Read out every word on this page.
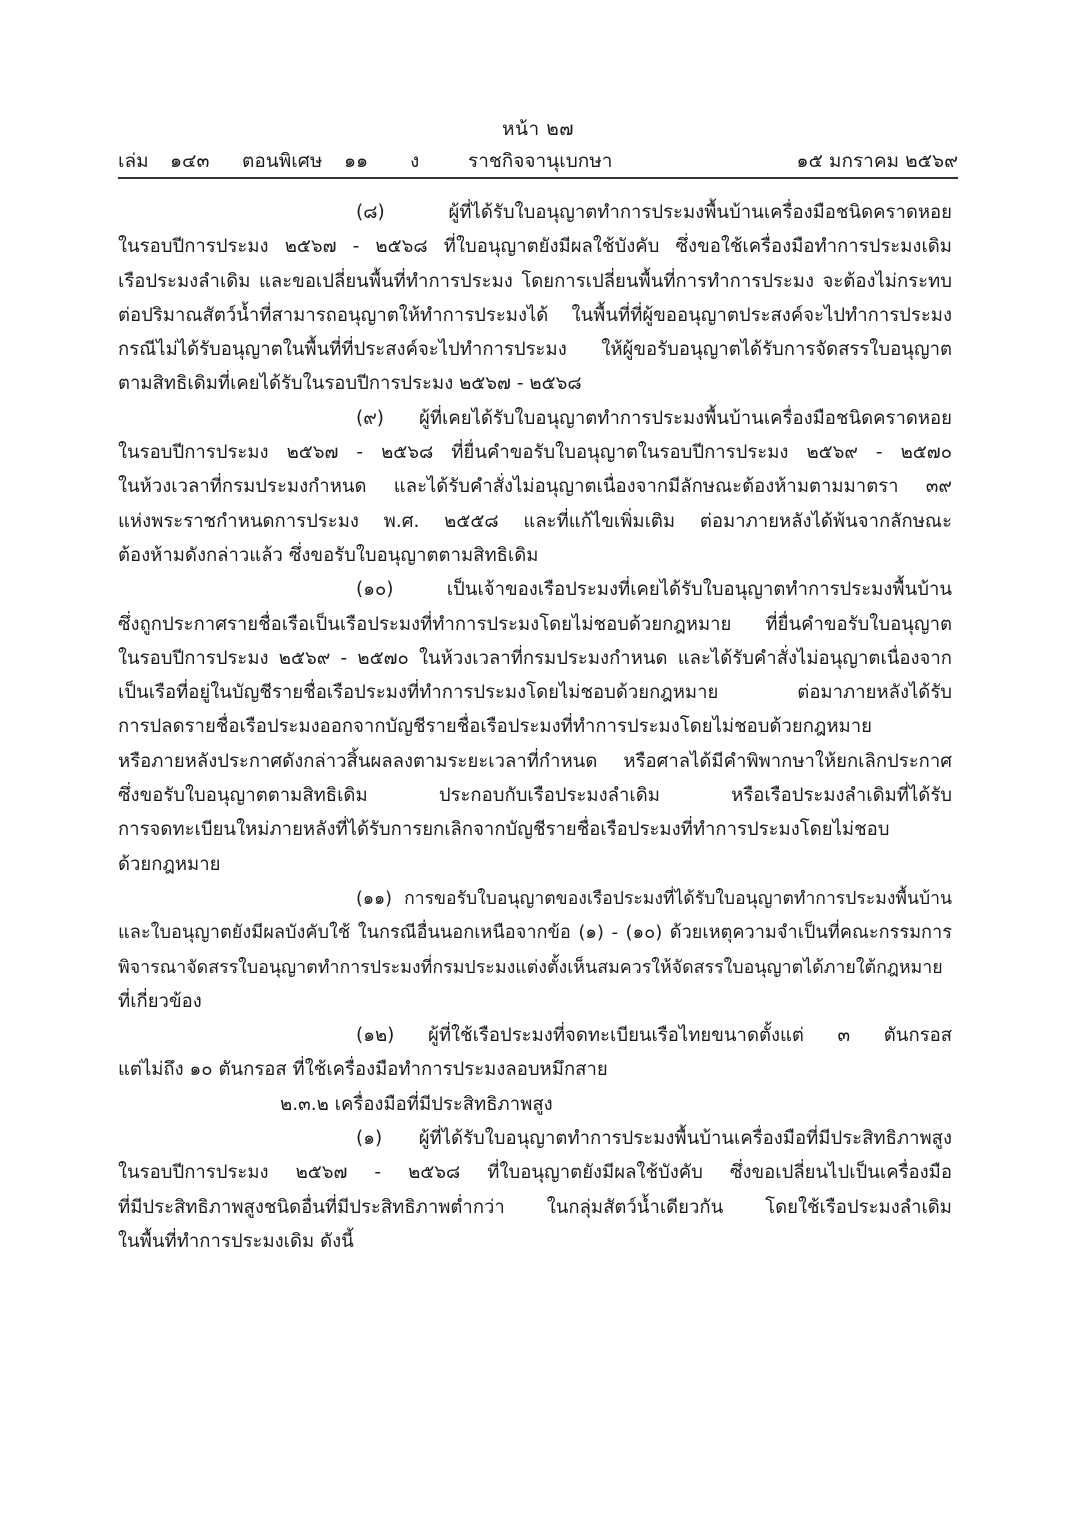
หน้า ๒๗
เล่ม ๑๔๓ ตอนพิเศษ ๑๑ ง	ราชกิจจานุเบกษา	๑๕ มกราคม ๒๕๖๙
(๘) ผู้ที่ได้รับใบอนุญาตทำการประมงพื้นบ้านเครื่องมือชนิดคราดหอย
ในรอบปีการประมง ๒๕๖๗ - ๒๕๖๘ ที่ใบอนุญาตยังมีผลใช้บังคับ ซึ่งขอใช้เครื่องมือทำการประมงเดิม
เรือประมงลำเดิม และขอเปลี่ยนพื้นที่ทำการประมง โดยการเปลี่ยนพื้นที่การทำการประมง จะต้องไม่กระทบ
ต่อปริมาณสัตว์น้ำที่สามารถอนุญาตให้ทำการประมงได้ ในพื้นที่ที่ผู้ขออนุญาตประสงค์จะไปทำการประมง
กรณีไม่ได้รับอนุญาตในพื้นที่ที่ประสงค์จะไปทำการประมง ให้ผู้ขอรับอนุญาตได้รับการจัดสรรใบอนุญาต
ตามสิทธิเดิมที่เคยได้รับในรอบปีการประมง ๒๕๖๗ - ๒๕๖๘
(๙) ผู้ที่เคยได้รับใบอนุญาตทำการประมงพื้นบ้านเครื่องมือชนิดคราดหอย
ในรอบปีการประมง ๒๕๖๗ - ๒๕๖๘ ที่ยื่นคำขอรับใบอนุญาตในรอบปีการประมง ๒๕๖๙ - ๒๕๗๐
ในห้วงเวลาที่กรมประมงกำหนด และได้รับคำสั่งไม่อนุญาตเนื่องจากมีลักษณะต้องห้ามตามมาตรา ๓๙
แห่งพระราชกำหนดการประมง พ.ศ. ๒๕๕๘ และที่แก้ไขเพิ่มเติม ต่อมาภายหลังได้พ้นจากลักษณะ
ต้องห้ามดังกล่าวแล้ว ซึ่งขอรับใบอนุญาตตามสิทธิเดิม
(๑๐) เป็นเจ้าของเรือประมงที่เคยได้รับใบอนุญาตทำการประมงพื้นบ้าน
ซึ่งถูกประกาศรายชื่อเรือเป็นเรือประมงที่ทำการประมงโดยไม่ชอบด้วยกฎหมาย ที่ยื่นคำขอรับใบอนุญาต
ในรอบปีการประมง ๒๕๖๙ - ๒๕๗๐ ในห้วงเวลาที่กรมประมงกำหนด และได้รับคำสั่งไม่อนุญาตเนื่องจาก
เป็นเรือที่อยู่ในบัญชีรายชื่อเรือประมงที่ทำการประมงโดยไม่ชอบด้วยกฎหมาย ต่อมาภายหลังได้รับ
การปลดรายชื่อเรือประมงออกจากบัญชีรายชื่อเรือประมงที่ทำการประมงโดยไม่ชอบด้วยกฎหมาย
หรือภายหลังประกาศดังกล่าวสิ้นผลลงตามระยะเวลาที่กำหนด หรือศาลได้มีคำพิพากษาให้ยกเลิกประกาศ
ซึ่งขอรับใบอนุญาตตามสิทธิเดิม ประกอบกับเรือประมงลำเดิม หรือเรือประมงลำเดิมที่ได้รับ
การจดทะเบียนใหม่ภายหลังที่ได้รับการยกเลิกจากบัญชีรายชื่อเรือประมงที่ทำการประมงโดยไม่ชอบ
ด้วยกฎหมาย
(๑๑) การขอรับใบอนุญาตของเรือประมงที่ได้รับใบอนุญาตทำการประมงพื้นบ้าน
และใบอนุญาตยังมีผลบังคับใช้ ในกรณีอื่นนอกเหนือจากข้อ (๑) - (๑๐) ด้วยเหตุความจำเป็นที่คณะกรรมการ
พิจารณาจัดสรรใบอนุญาตทำการประมงที่กรมประมงแต่งตั้งเห็นสมควรให้จัดสรรใบอนุญาตได้ภายใต้กฎหมาย
ที่เกี่ยวข้อง
(๑๒) ผู้ที่ใช้เรือประมงที่จดทะเบียนเรือไทยขนาดตั้งแต่ ๓ ตันกรอส
แต่ไม่ถึง ๑๐ ตันกรอส ที่ใช้เครื่องมือทำการประมงลอบหมึกสาย
๒.๓.๒ เครื่องมือที่มีประสิทธิภาพสูง
(๑) ผู้ที่ได้รับใบอนุญาตทำการประมงพื้นบ้านเครื่องมือที่มีประสิทธิภาพสูง
ในรอบปีการประมง ๒๕๖๗ - ๒๕๖๘ ที่ใบอนุญาตยังมีผลใช้บังคับ ซึ่งขอเปลี่ยนไปเป็นเครื่องมือ
ที่มีประสิทธิภาพสูงชนิดอื่นที่มีประสิทธิภาพต่ำกว่า ในกลุ่มสัตว์น้ำเดียวกัน โดยใช้เรือประมงลำเดิม
ในพื้นที่ทำการประมงเดิม ดังนี้
